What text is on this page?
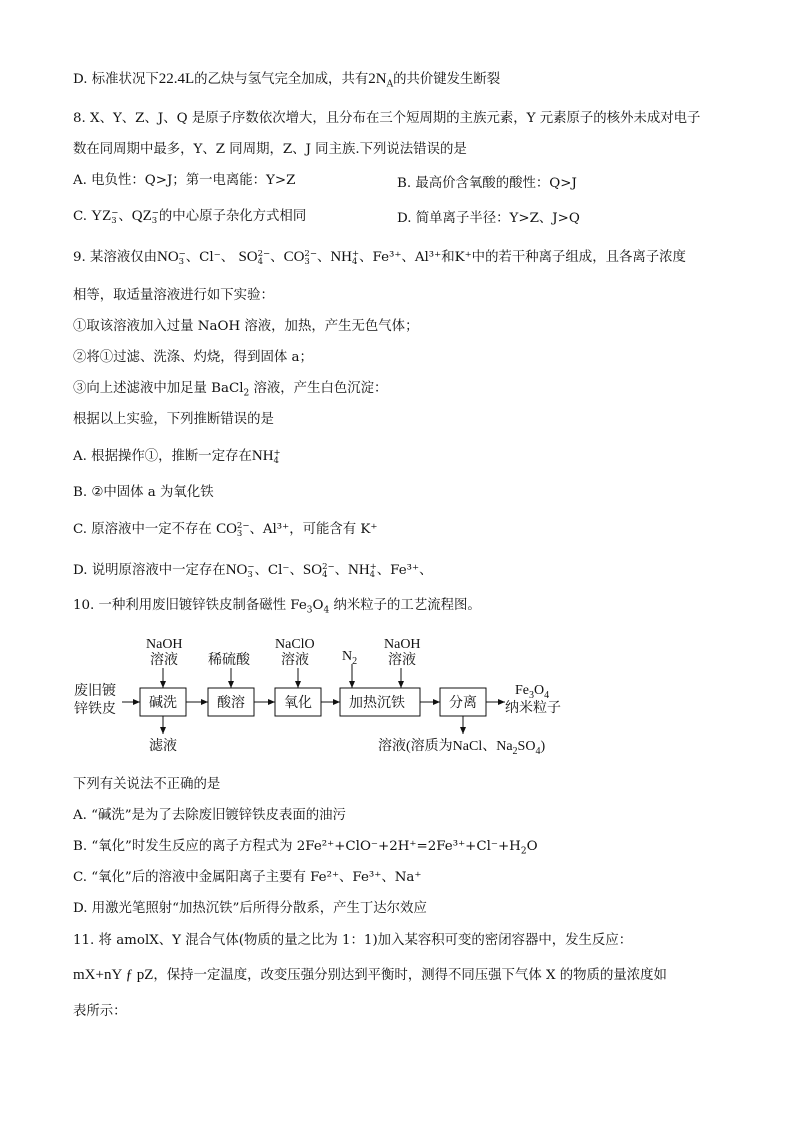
D. 标准状况下22.4L的乙炔与氢气完全加成，共有$2N_A$的共价键发生断裂
8. X、Y、Z、J、Q 是原子序数依次增大，且分布在三个短周期的主族元素，Y 元素原子的核外未成对电子
数在同周期中最多，Y、Z 同周期，Z、J 同主族.下列说法错误的是
A. 电负性：Q>J；第一电离能：Y>Z	B. 最高价含氧酸的酸性：Q>J
C. YZ −
3 、QZ −
3 的中心原子杂化方式相同	D. 简单离子半径：Y>Z、J>Q
9. 某溶液仅由NO −
3 、Cl⁻、 SO 2−
4 、CO 2−
3 、NH +
4 、Fe³⁺、Al³⁺和K⁺中的若干种离子组成，且各离子浓度
相等，取适量溶液进行如下实验：
①取该溶液加入过量 NaOH 溶液，加热，产生无色气体；
②将①过滤、洗涤、灼烧，得到固体 a；
③向上述滤液中加足量 BaCl$_2$ 溶液，产生白色沉淀：
根据以上实验，下列推断错误的是
A. 根据操作①，推断一定存在NH +
4
B. ②中固体 a 为氧化铁
C. 原溶液中一定不存在 CO 2−
3 、Al³⁺，可能含有 K⁺
D. 说明原溶液中一定存在NO −
3 、Cl⁻、SO 2−
4 、NH +
4 、Fe³⁺、
10. 一种利用废旧镀锌铁皮制备磁性 $Fe_3O_4$ 纳米粒子的工艺流程图。
废旧镀
锌铁皮
NaOH
溶液 稀硫酸
NaClO
溶液 $N_2$
NaOH
溶液
碱洗	酸溶	氧化	加热沉铁	分离
$Fe_3O_4$
纳米粒子
滤液	溶液(溶质为NaCl、$Na_2SO_4$)
下列有关说法不正确的是
A. “碱洗”是为了去除废旧镀锌铁皮表面的油污
B. “氧化”时发生反应的离子方程式为 $2Fe^{2+}+ClO^-+2H^+=2Fe^{3+}+Cl^-+H_2O$
C. “氧化”后的溶液中金属阳离子主要有 Fe²⁺、Fe³⁺、Na⁺
D. 用激光笔照射“加热沉铁”后所得分散系，产生丁达尔效应
11. 将 amolX、Y 混合气体(物质的量之比为 1：1)加入某容积可变的密闭容器中，发生反应：
mX+nY ƒ pZ，保持一定温度，改变压强分别达到平衡时，测得不同压强下气体 X 的物质的量浓度如
表所示：
